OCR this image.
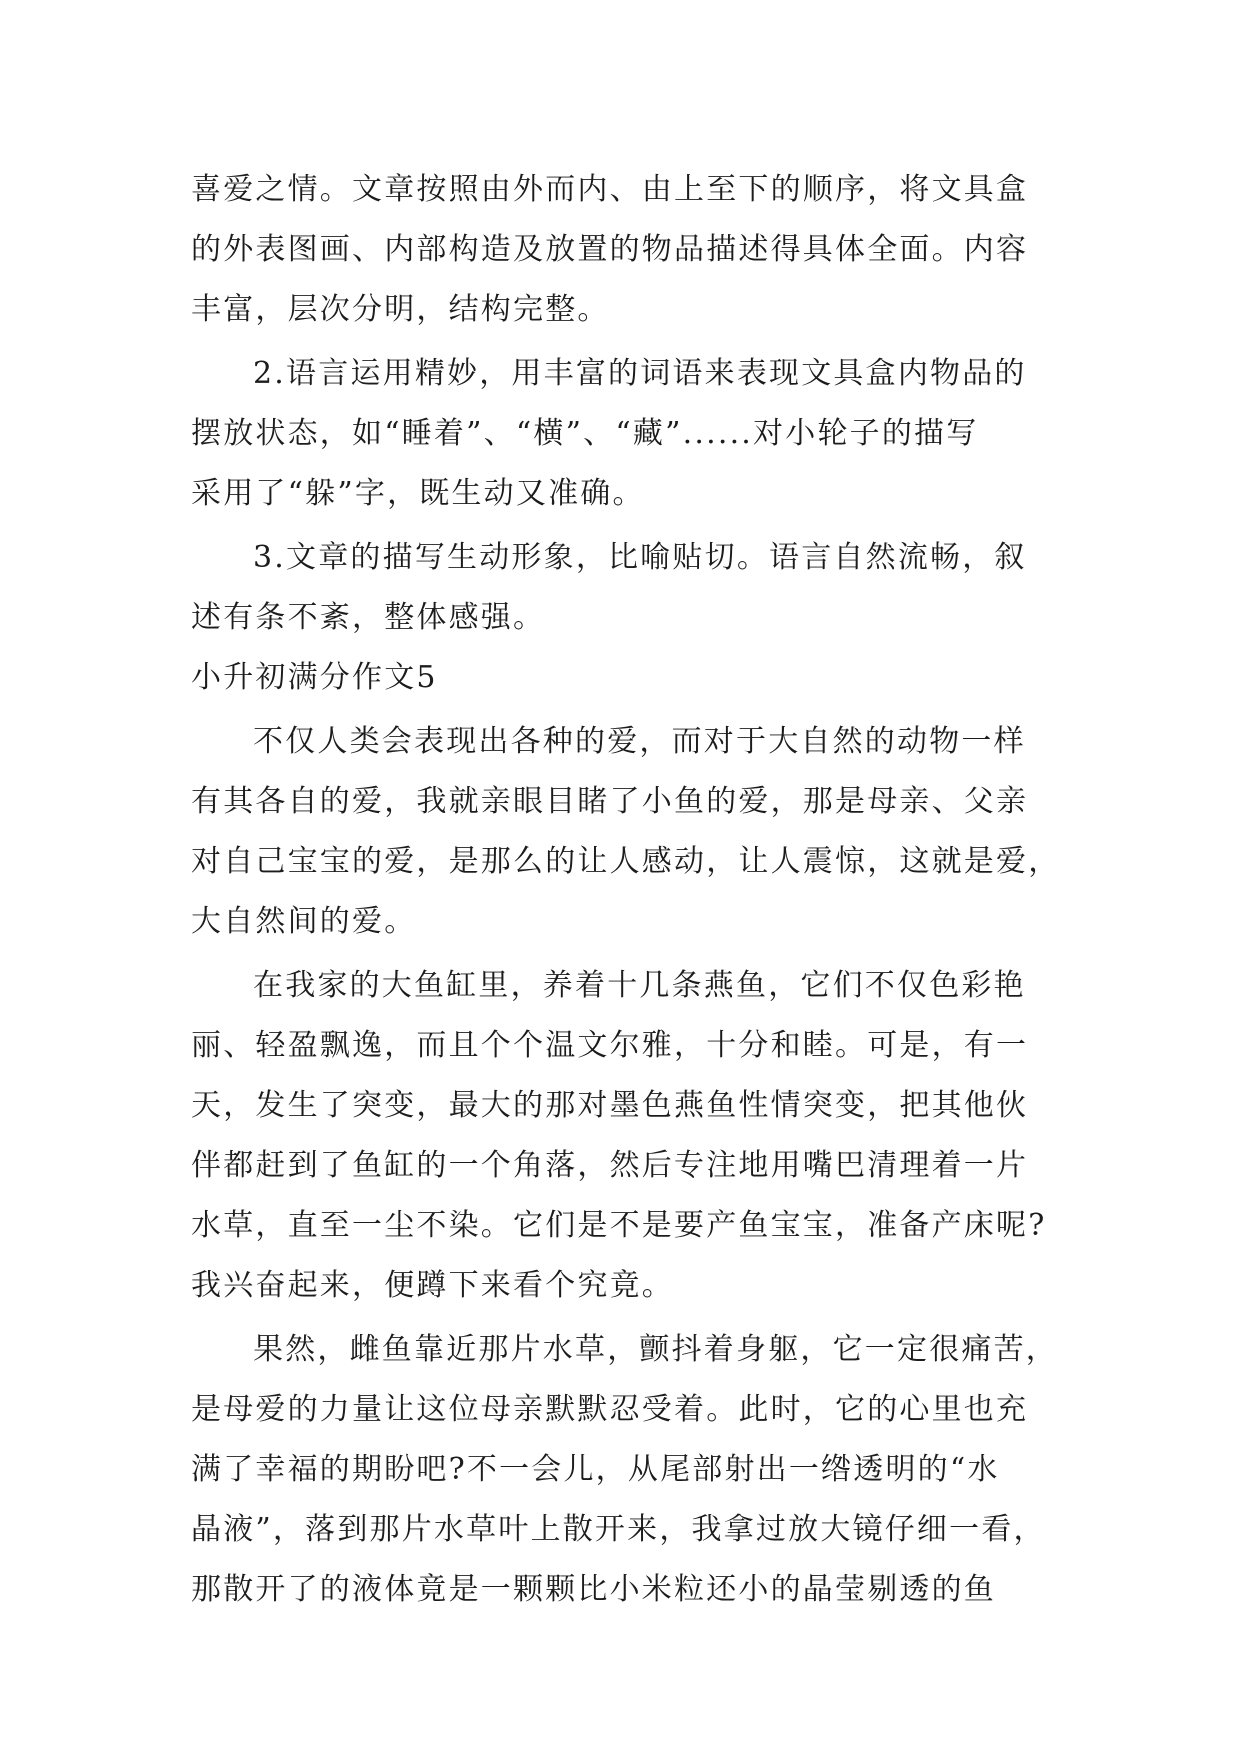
喜爱之情。文章按照由外而内、由上至下的顺序，将文具盒
的外表图画、内部构造及放置的物品描述得具体全面。内容
丰富，层次分明，结构完整。
2.语言运用精妙，用丰富的词语来表现文具盒内物品的
摆放状态，如“睡着”、“横”、“藏”......对小轮子的描写
采用了“躲”字，既生动又准确。
3.文章的描写生动形象，比喻贴切。语言自然流畅，叙
述有条不紊，整体感强。
小升初满分作文5
不仅人类会表现出各种的爱，而对于大自然的动物一样
有其各自的爱，我就亲眼目睹了小鱼的爱，那是母亲、父亲
对自己宝宝的爱，是那么的让人感动，让人震惊，这就是爱，
大自然间的爱。
在我家的大鱼缸里，养着十几条燕鱼，它们不仅色彩艳
丽、轻盈飘逸，而且个个温文尔雅，十分和睦。可是，有一
天，发生了突变，最大的那对墨色燕鱼性情突变，把其他伙
伴都赶到了鱼缸的一个角落，然后专注地用嘴巴清理着一片
水草，直至一尘不染。它们是不是要产鱼宝宝，准备产床呢?
我兴奋起来，便蹲下来看个究竟。
果然，雌鱼靠近那片水草，颤抖着身躯，它一定很痛苦，
是母爱的力量让这位母亲默默忍受着。此时，它的心里也充
满了幸福的期盼吧?不一会儿，从尾部射出一绺透明的“水
晶液”，落到那片水草叶上散开来，我拿过放大镜仔细一看，
那散开了的液体竟是一颗颗比小米粒还小的晶莹剔透的鱼
